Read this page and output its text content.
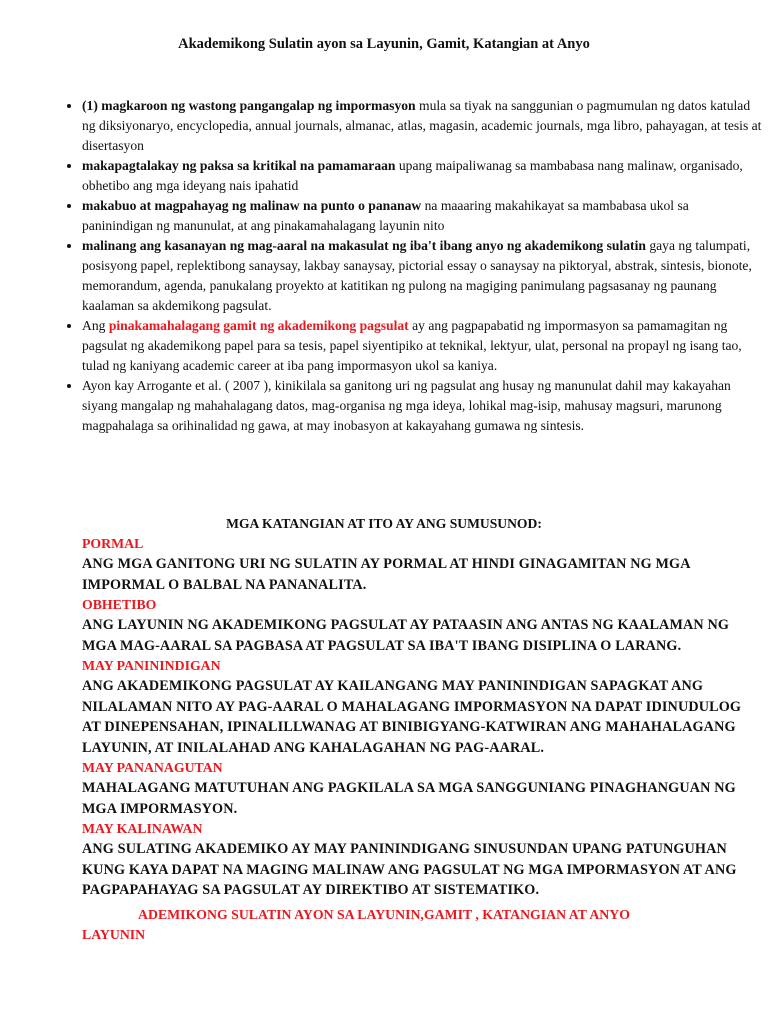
Akademikong Sulatin ayon sa Layunin, Gamit, Katangian at Anyo
• (1) magkaroon ng wastong pangangalap ng impormasyon mula sa tiyak na sanggunian o pagmumulan ng datos katulad ng diksiyonaryo, encyclopedia, annual journals, almanac, atlas, magasin, academic journals, mga libro, pahayagan, at tesis at disertasyon
• makapagtalakay ng paksa sa kritikal na pamamaraan upang maipaliwanag sa mambabasa nang malinaw, organisado, obhetibo ang mga ideyang nais ipahatid
• makabuo at magpahayag ng malinaw na punto o pananaw na maaaring makahikayat sa mambabasa ukol sa paninindigan ng manunulat, at ang pinakamahalagang layunin nito
• malinang ang kasanayan ng mag-aaral na makasulat ng iba't ibang anyo ng akademikong sulatin gaya ng talumpati, posisyong papel, replektibong sanaysay, lakbay sanaysay, pictorial essay o sanaysay na piktoryal, abstrak, sintesis, bionote, memorandum, agenda, panukalang proyekto at katitikan ng pulong na magiging panimulang pagsasanay ng paunang kaalaman sa akdemikong pagsulat.
• Ang pinakamahalagang gamit ng akademikong pagsulat ay ang pagpapabatid ng impormasyon sa pamamagitan ng pagsulat ng akademikong papel para sa tesis, papel siyentipiko at teknikal, lektyur, ulat, personal na propayl ng isang tao, tulad ng kaniyang academic career at iba pang impormasyon ukol sa kaniya.
• Ayon kay Arrogante et al. ( 2007 ), kinikilala sa ganitong uri ng pagsulat ang husay ng manunulat dahil may kakayahan siyang mangalap ng mahahalagang datos, mag-organisa ng mga ideya, lohikal mag-isip, mahusay magsuri, marunong magpahalaga sa orihinalidad ng gawa, at may inobasyon at kakayahang gumawa ng sintesis.
MGA KATANGIAN AT ITO AY ANG SUMUSUNOD:
PORMAL
ANG MGA GANITONG URI NG SULATIN AY PORMAL AT HINDI GINAGAMITAN NG MGA IMPORMAL O BALBAL NA PANANALITA.
OBHETIBO
ANG LAYUNIN NG AKADEMIKONG PAGSULAT AY PATAASIN ANG ANTAS NG KAALAMAN NG MGA MAG-AARAL SA PAGBASA AT PAGSULAT SA IBA'T IBANG DISIPLINA O LARANG.
MAY PANININDIGAN
ANG AKADEMIKONG PAGSULAT AY KAILANGANG MAY PANININDIGAN SAPAGKAT ANG NILALAMAN NITO AY PAG-AARAL O MAHALAGANG IMPORMASYON NA DAPAT IDINUDULOG AT DINEPENSAHAN, IPINALILLWANAG AT BINIBIGYANG-KATWIRAN ANG MAHAHALAGANG LAYUNIN, AT INILALAHAD ANG KAHALAGAHAN NG PAG-AARAL.
MAY PANANAGUTAN
MAHALAGANG MATUTUHAN ANG PAGKILALA SA MGA SANGGUNIANG PINAGHANGUAN NG MGA IMPORMASYON.
MAY KALINAWAN
ANG SULATING AKADEMIKO AY MAY PANININDIGANG SINUSUNDAN UPANG PATUNGUHAN KUNG KAYA DAPAT NA MAGING MALINAW ANG PAGSULAT NG MGA IMPORMASYON AT ANG PAGPAPAHAYAG SA PAGSULAT AY DIREKTIBO AT SISTEMATIKO.
ADEMIKONG SULATIN AYON SA LAYUNIN,GAMIT , KATANGIAN AT ANYO
LAYUNIN
